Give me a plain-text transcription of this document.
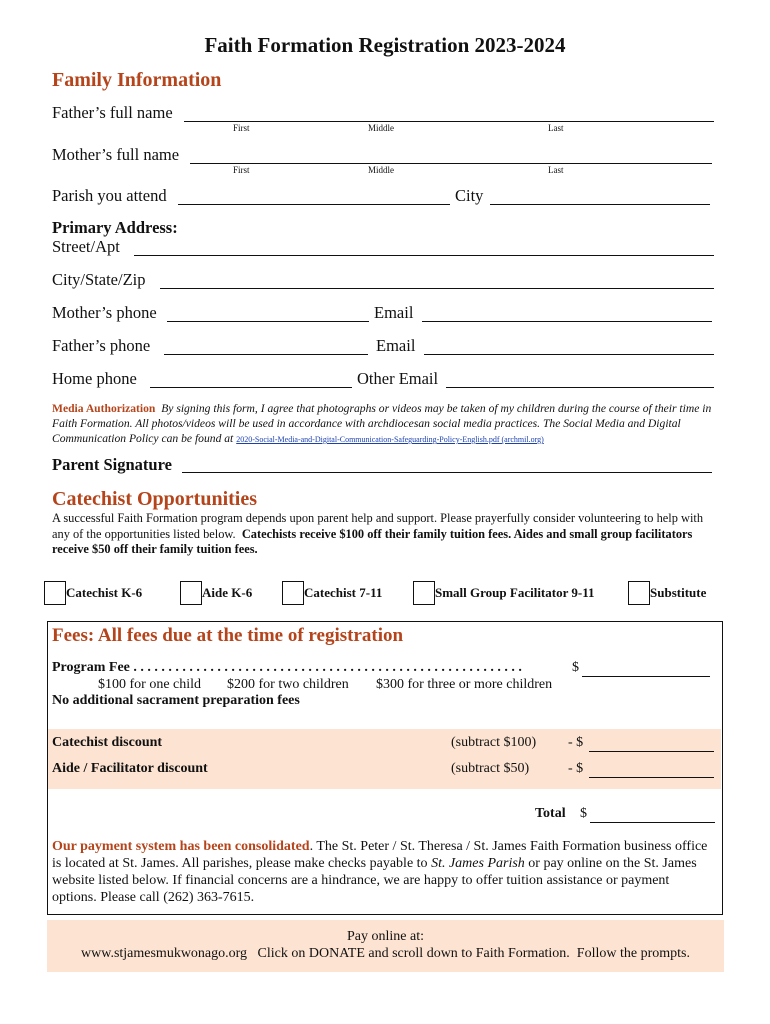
Faith Formation Registration 2023-2024
Family Information
Father’s full name
First	Middle	Last
Mother’s full name
First	Middle	Last
Parish you attend	City
Primary Address:
Street/Apt
City/State/Zip
Mother’s phone	Email
Father’s phone	Email
Home phone	Other Email
Media Authorization By signing this form, I agree that photographs or videos may be taken of my children during the course of their time in Faith Formation. All photos/videos will be used in accordance with archdiocesan social media practices. The Social Media and Digital Communication Policy can be found at 2020-Social-Media-and-Digital-Communication-Safeguarding-Policy-English.pdf (archmil.org)
Parent Signature
Catechist Opportunities
A successful Faith Formation program depends upon parent help and support. Please prayerfully consider volunteering to help with any of the opportunities listed below. Catechists receive $100 off their family tuition fees. Aides and small group facilitators receive $50 off their family tuition fees.
Catechist K-6	Aide K-6	Catechist 7-11	Small Group Facilitator 9-11	Substitute
Fees: All fees due at the time of registration
Program Fee . . . . . . . . . . . . . . . . . . . . . . . . . . . . . . . . . . . . . . . . . . . . . . . . . . . . . . . .	$
$100 for one child $200 for two children $300 for three or more children
No additional sacrament preparation fees
Catechist discount	(subtract $100) - $
Aide / Facilitator discount	(subtract $50)	- $
Total $
Our payment system has been consolidated. The St. Peter / St. Theresa / St. James Faith Formation business office is located at St. James. All parishes, please make checks payable to St. James Parish or pay online on the St. James website listed below. If financial concerns are a hindrance, we are happy to offer tuition assistance or payment options. Please call (262) 363-7615.
Pay online at:
www.stjamesmukwonago.org   Click on DONATE and scroll down to Faith Formation.  Follow the prompts.
